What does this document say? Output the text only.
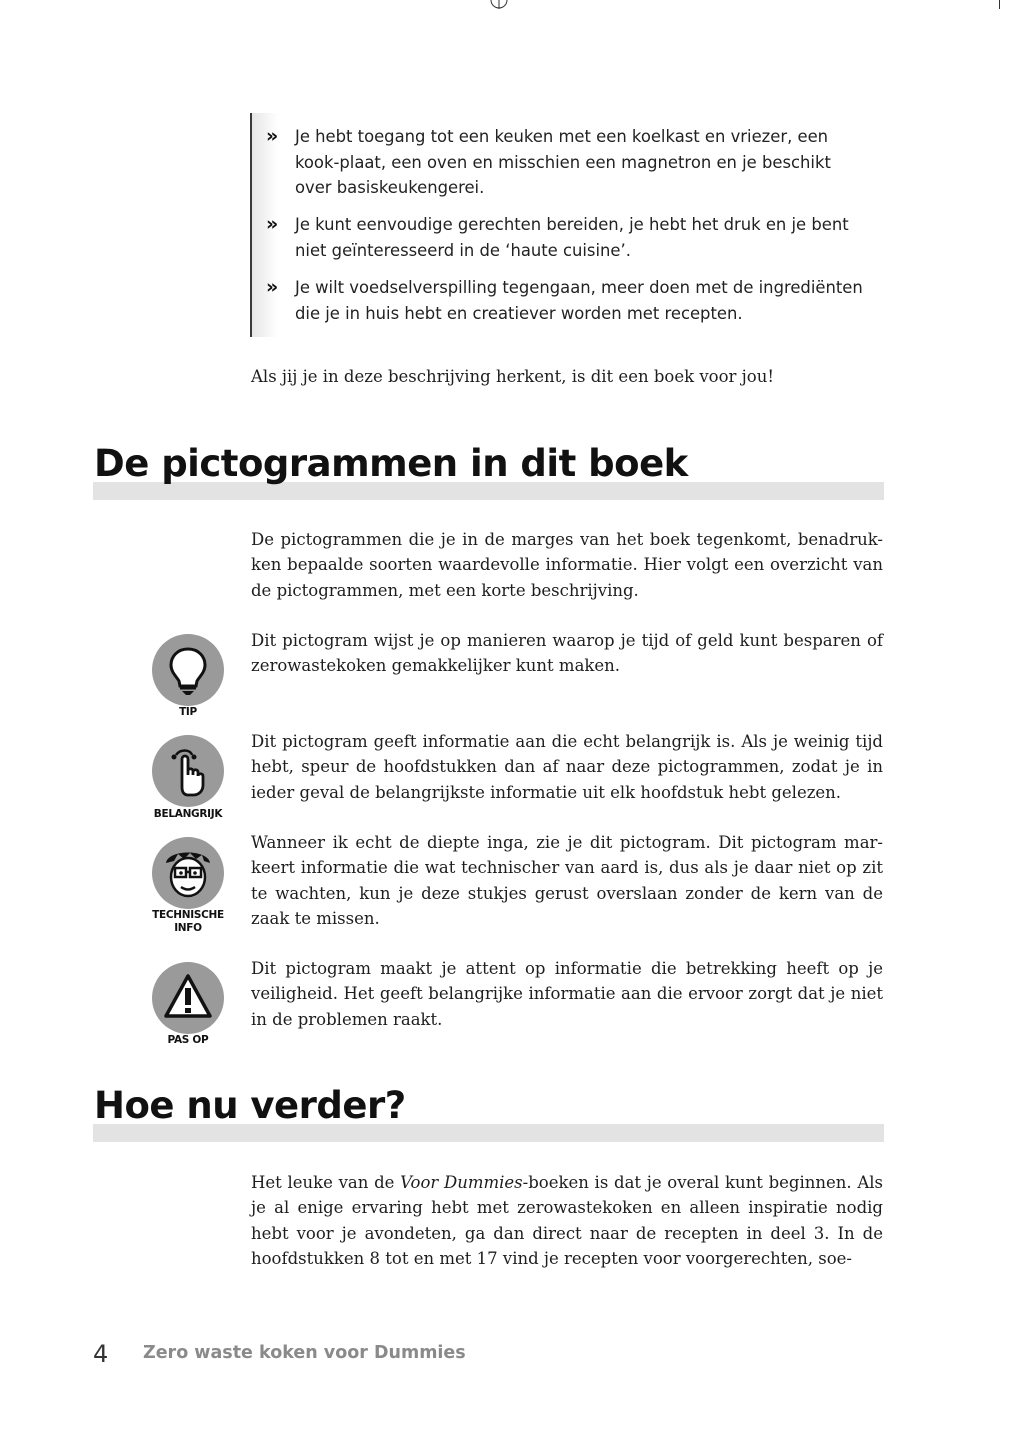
» Je hebt toegang tot een keuken met een koelkast en vriezer, een kook-plaat, een oven en misschien een magnetron en je beschikt over basiskeukengerei.
» Je kunt eenvoudige gerechten bereiden, je hebt het druk en je bent niet geïnteresseerd in de ‘haute cuisine’.
» Je wilt voedselverspilling tegengaan, meer doen met de ingrediënten die je in huis hebt en creatiever worden met recepten.

Als jij je in deze beschrijving herkent, is dit een boek voor jou!

De pictogrammen in dit boek

De pictogrammen die je in de marges van het boek tegenkomt, benadruk-ken bepaalde soorten waardevolle informatie. Hier volgt een overzicht van de pictogrammen, met een korte beschrijving.

TIP

Dit pictogram wijst je op manieren waarop je tijd of geld kunt besparen of zerowastekoken gemakkelijker kunt maken.

BELANGRIJK

Dit pictogram geeft informatie aan die echt belangrijk is. Als je weinig tijd hebt, speur de hoofdstukken dan af naar deze pictogrammen, zodat je in ieder geval de belangrijkste informatie uit elk hoofdstuk hebt gelezen.

TECHNISCHE
INFO

Wanneer ik echt de diepte inga, zie je dit pictogram. Dit pictogram mar-keert informatie die wat technischer van aard is, dus als je daar niet op zit te wachten, kun je deze stukjes gerust overslaan zonder de kern van de zaak te missen.

PAS OP

Dit pictogram maakt je attent op informatie die betrekking heeft op je veiligheid. Het geeft belangrijke informatie aan die ervoor zorgt dat je niet in de problemen raakt.

Hoe nu verder?

Het leuke van de Voor Dummies-boeken is dat je overal kunt beginnen. Als je al enige ervaring hebt met zerowastekoken en alleen inspiratie nodig hebt voor je avondeten, ga dan direct naar de recepten in deel 3. In de hoofdstukken 8 tot en met 17 vind je recepten voor voorgerechten, soe-

4 Zero waste koken voor Dummies
